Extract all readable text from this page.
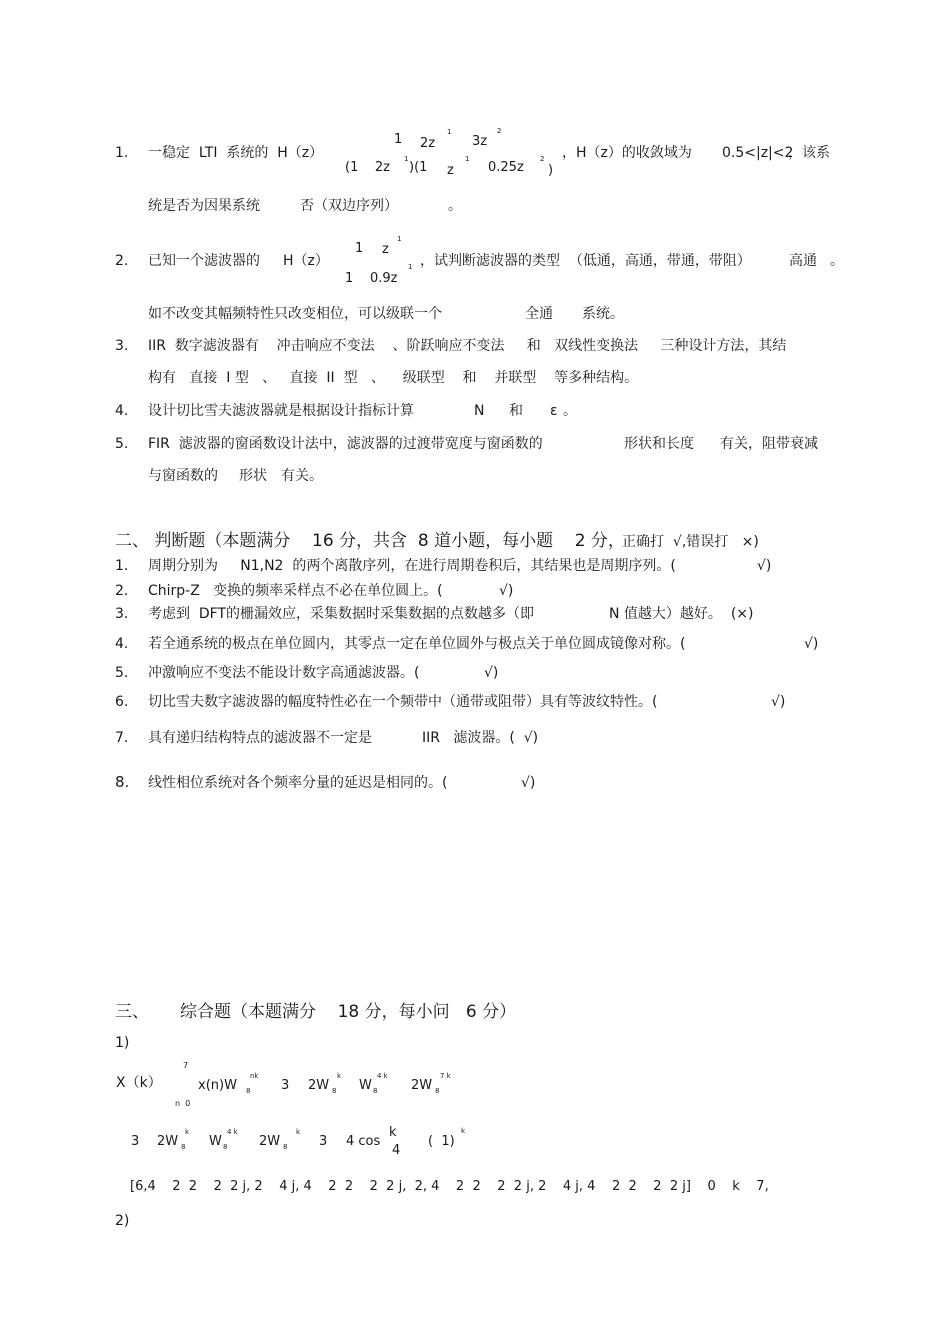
1. 一稳定  LTI  系统的  H（z）
1 2z
1
3z
2
(1    2z
1
)(1 z
1
0.25z
2
)
，H（z）的收敛域为 0.5<|z|<2
，该系
统是否为因果系统	否（双边序列）	。
2. 已知一个滤波器的 H（z）
1 z
1
1 0.9z
1 ，试判断滤波器的类型  （低通，高通，带通，带阻）	高通 。
如不改变其幅频特性只改变相位，可以级联一个	全通 系统。
3. IIR  数字滤波器有    冲击响应不变法    、阶跃响应不变法     和   双线性变换法     三种设计方法，其结
构有   直接  I 型   、   直接  II  型   、    级联型    和    并联型    等多种结构。
4. 设计切比雪夫滤波器就是根据设计指标计算	N 和 ε 。
5. FIR  滤波器的窗函数设计法中，滤波器的过渡带宽度与窗函数的	形状和长度 有关，阻带衰减
与窗函数的 形状 有关。
二、 判断题（本题满分    16 分，共含  8 道小题，每小题    2 分，
正确打  √,错误打   ×)
1. 周期分别为     N1,N2  的两个离散序列，在进行周期卷积后，其结果也是周期序列。(	√)
2. Chirp-Z   变换的频率采样点不必在单位圆上。(	√)
3. 考虑到  DFT的栅漏效应，采集数据时采集数据的点数越多（即	N 值越大）越好。  (×)
4. 若全通系统的极点在单位圆内，其零点一定在单位圆外与极点关于单位圆成镜像对称。(	√)
5. 冲激响应不变法不能设计数字高通滤波器。(	√)
6. 切比雪夫数字滤波器的幅度特性必在一个频带中（通带或阻带）具有等波纹特性。(	√)
7. 具有递归结构特点的滤波器不一定是	IIR   滤波器。(  √)
8. 线性相位系统对各个频率分量的延迟是相同的。(	√)
三、 综合题（本题满分    18 分，每小问   6 分）
1)
X（k）
7
n  0
x(n)W 8
nk
3 2W 8
k
W 8
4 k
2W 8
7 k
3 2W 8
k
W 8
4 k
2W 8
k
3 4 cos
k
4
(  1)
k
[6,4    2  2    2  2 j, 2    4 j, 4    2  2    2  2 j,  2, 4    2  2    2  2 j, 2    4 j, 4    2  2    2  2 j]    0    k    7,
2)
